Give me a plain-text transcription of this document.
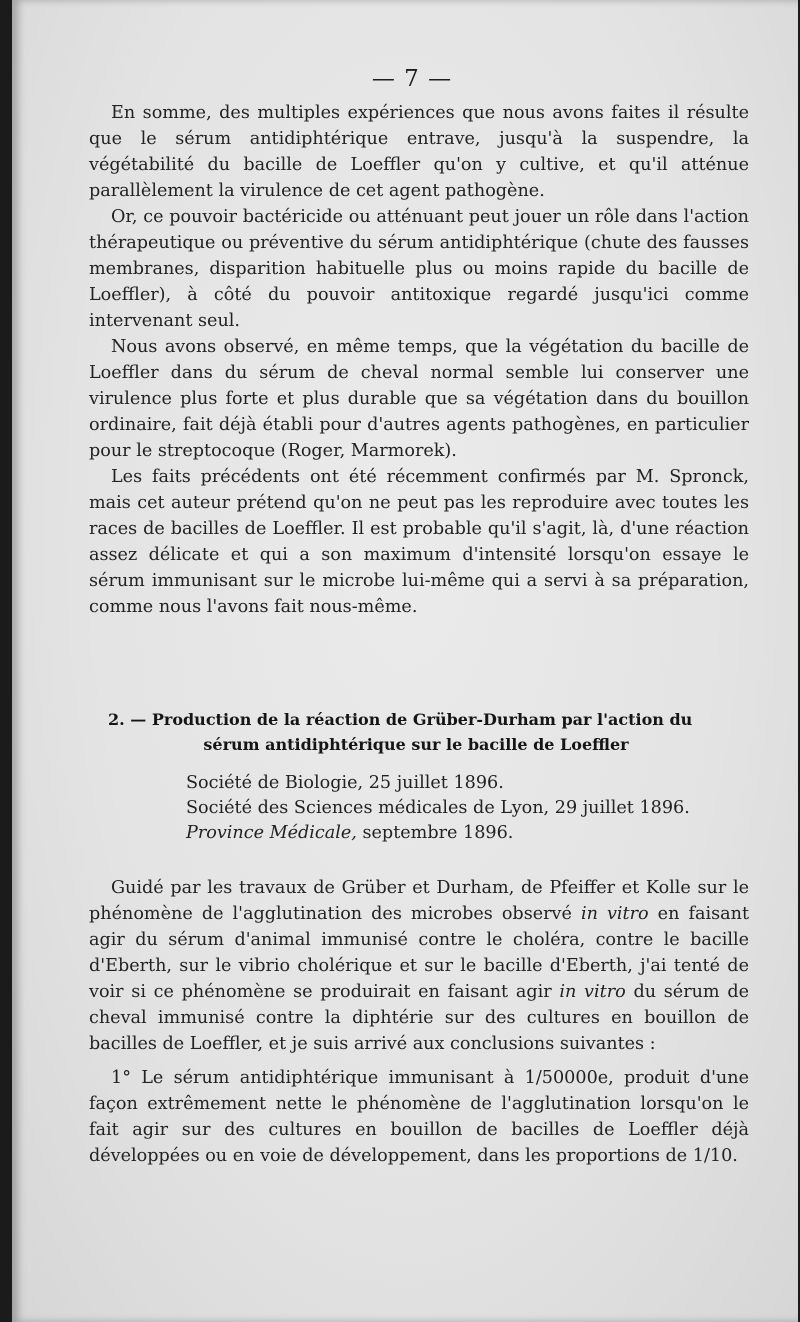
— 7 —

En somme, des multiples expériences que nous avons faites il résulte que le sérum antidiphtérique entrave, jusqu'à la suspendre, la végétabilité du bacille de Loeffler qu'on y cultive, et qu'il atténue parallèlement la virulence de cet agent pathogène.

Or, ce pouvoir bactéricide ou atténuant peut jouer un rôle dans l'action thérapeutique ou préventive du sérum antidiphtérique (chute des fausses membranes, disparition habituelle plus ou moins rapide du bacille de Loeffler), à côté du pouvoir antitoxique regardé jusqu'ici comme intervenant seul.

Nous avons observé, en même temps, que la végétation du bacille de Loeffler dans du sérum de cheval normal semble lui conserver une virulence plus forte et plus durable que sa végétation dans du bouillon ordinaire, fait déjà établi pour d'autres agents pathogènes, en particulier pour le streptocoque (Roger, Marmorek).

Les faits précédents ont été récemment confirmés par M. Spronck, mais cet auteur prétend qu'on ne peut pas les reproduire avec toutes les races de bacilles de Loeffler. Il est probable qu'il s'agit, là, d'une réaction assez délicate et qui a son maximum d'intensité lorsqu'on essaye le sérum immunisant sur le microbe lui-même qui a servi à sa préparation, comme nous l'avons fait nous-même.

2. — Production de la réaction de Grüber-Durham par l'action du
sérum antidiphtérique sur le bacille de Loeffler
Société de Biologie, 25 juillet 1896.
Société des Sciences médicales de Lyon, 29 juillet 1896.
Province Médicale, septembre 1896.

Guidé par les travaux de Grüber et Durham, de Pfeiffer et Kolle sur le phénomène de l'agglutination des microbes observé in vitro en faisant agir du sérum d'animal immunisé contre le choléra, contre le bacille d'Eberth, sur le vibrio cholérique et sur le bacille d'Eberth, j'ai tenté de voir si ce phénomène se produirait en faisant agir in vitro du sérum de cheval immunisé contre la diphtérie sur des cultures en bouillon de bacilles de Loeffler, et je suis arrivé aux conclusions suivantes :

1° Le sérum antidiphtérique immunisant à 1/50000e, produit d'une façon extrêmement nette le phénomène de l'agglutination lorsqu'on le fait agir sur des cultures en bouillon de bacilles de Loeffler déjà développées ou en voie de développement, dans les proportions de 1/10.
